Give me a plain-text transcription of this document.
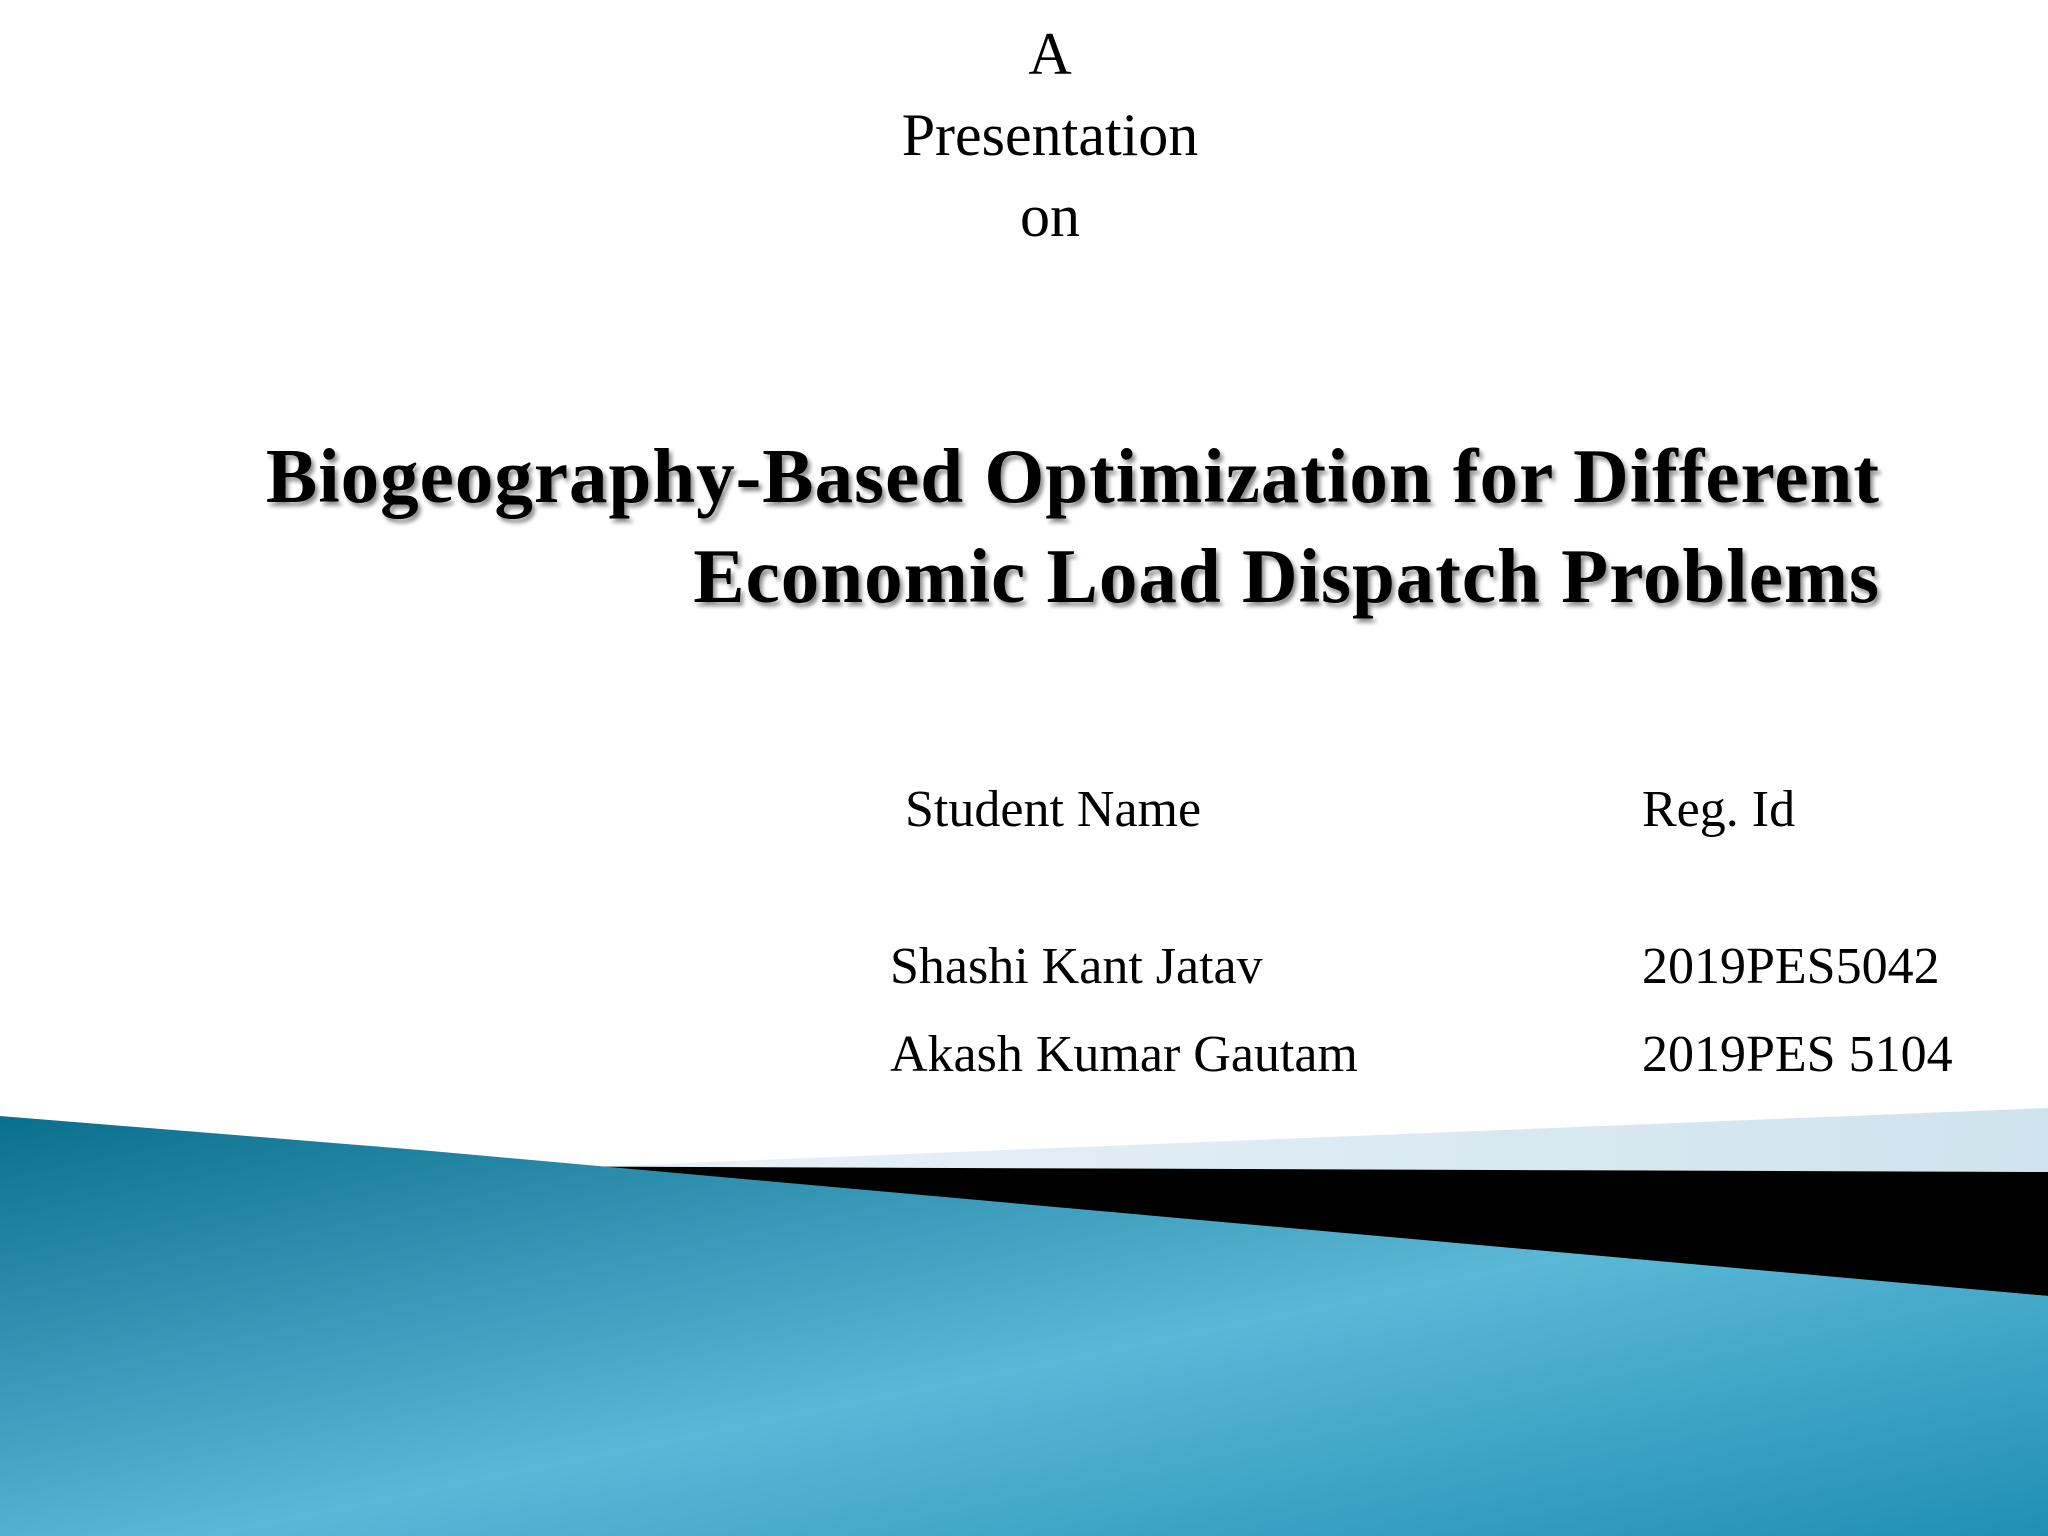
A
Presentation
on
Biogeography-Based Optimization for Different
Economic Load Dispatch Problems
Student Name	Reg. Id
Shashi Kant Jatav	2019PES5042
Akash Kumar Gautam	2019PES 5104
